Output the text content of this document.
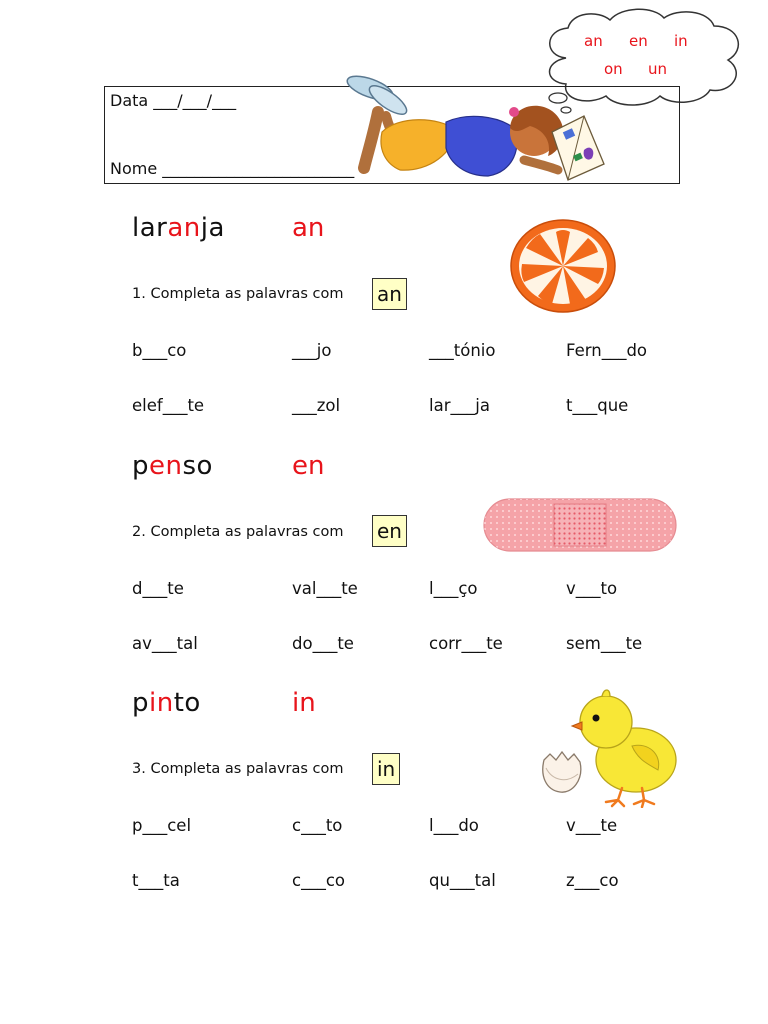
an en in
on un
Data ___/___/___
Nome ________________________
laranja	an
1. Completa as palavras com an
b___co	___jo	___tónio	Fern___do
elef___te	___zol	lar___ja	t___que
penso	en
2. Completa as palavras com en
d___te	val___te	l___ço	v___to
av___tal	do___te	corr___te	sem___te
pinto	in
3. Completa as palavras com in
p___cel	c___to	l___do	v___te
t___ta	c___co	qu___tal	z___co
